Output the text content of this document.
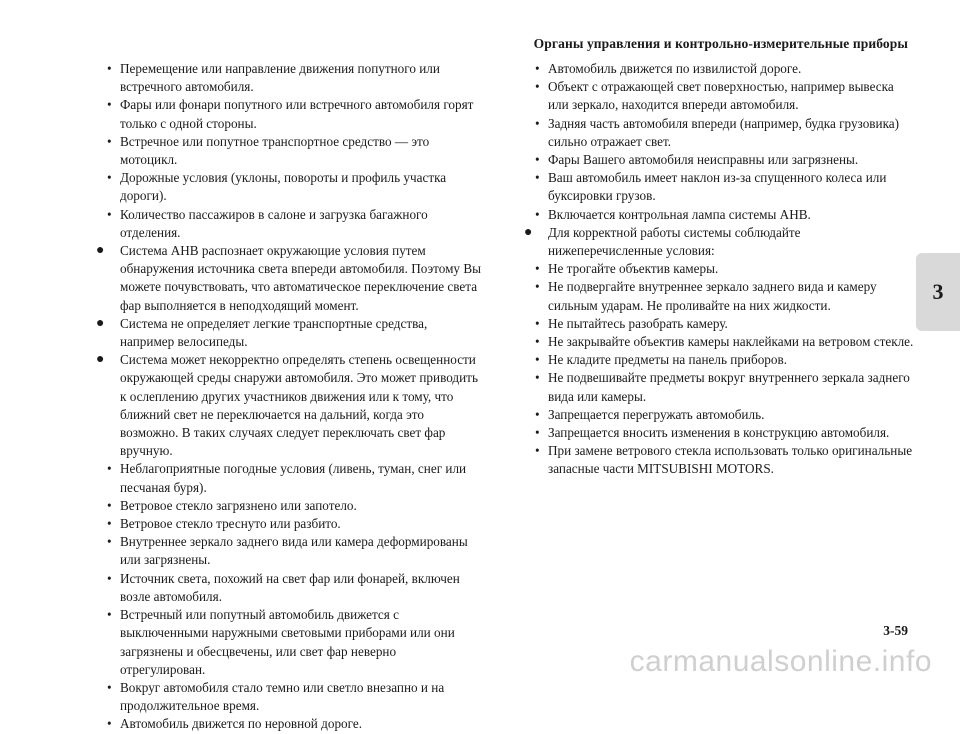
Органы управления и контрольно-измерительные приборы
• Перемещение или направление движения попутного или встречного автомобиля.
• Фары или фонари попутного или встречного автомобиля горят только с одной стороны.
• Встречное или попутное транспортное средство — это мотоцикл.
• Дорожные условия (уклоны, повороты и профиль участка дороги).
• Количество пассажиров в салоне и загрузка багажного отделения.
● Система AHB распознает окружающие условия путем обнаружения источника света впереди автомобиля. Поэтому Вы можете почувствовать, что автоматическое переключение света фар выполняется в неподходящий момент.
● Система не определяет легкие транспортные средства, например велосипеды.
● Система может некорректно определять степень освещенности окружающей среды снаружи автомобиля. Это может приводить к ослеплению других участников движения или к тому, что ближний свет не переключается на дальний, когда это возможно. В таких случаях следует переключать свет фар вручную.
• Неблагоприятные погодные условия (ливень, туман, снег или песчаная буря).
• Ветровое стекло загрязнено или запотело.
• Ветровое стекло треснуто или разбито.
• Внутреннее зеркало заднего вида или камера деформированы или загрязнены.
• Источник света, похожий на свет фар или фонарей, включен возле автомобиля.
• Встречный или попутный автомобиль движется с выключенными наружными световыми приборами или они загрязнены и обесцвечены, или свет фар неверно отрегулирован.
• Вокруг автомобиля стало темно или светло внезапно и на продолжительное время.
• Автомобиль движется по неровной дороге.
• Автомобиль движется по извилистой дороге.
• Объект с отражающей свет поверхностью, например вывеска или зеркало, находится впереди автомобиля.
• Задняя часть автомобиля впереди (например, будка грузовика) сильно отражает свет.
• Фары Вашего автомобиля неисправны или загрязнены.
• Ваш автомобиль имеет наклон из-за спущенного колеса или буксировки грузов.
• Включается контрольная лампа системы AHB.
● Для корректной работы системы соблюдайте нижеперечисленные условия:
• Не трогайте объектив камеры.
• Не подвергайте внутреннее зеркало заднего вида и камеру сильным ударам. Не проливайте на них жидкости.
• Не пытайтесь разобрать камеру.
• Не закрывайте объектив камеры наклейками на ветровом стекле.
• Не кладите предметы на панель приборов.
• Не подвешивайте предметы вокруг внутреннего зеркала заднего вида или камеры.
• Запрещается перегружать автомобиль.
• Запрещается вносить изменения в конструкцию автомобиля.
• При замене ветрового стекла использовать только оригинальные запасные части MITSUBISHI MOTORS.
3
3-59
carmanualsonline.info
